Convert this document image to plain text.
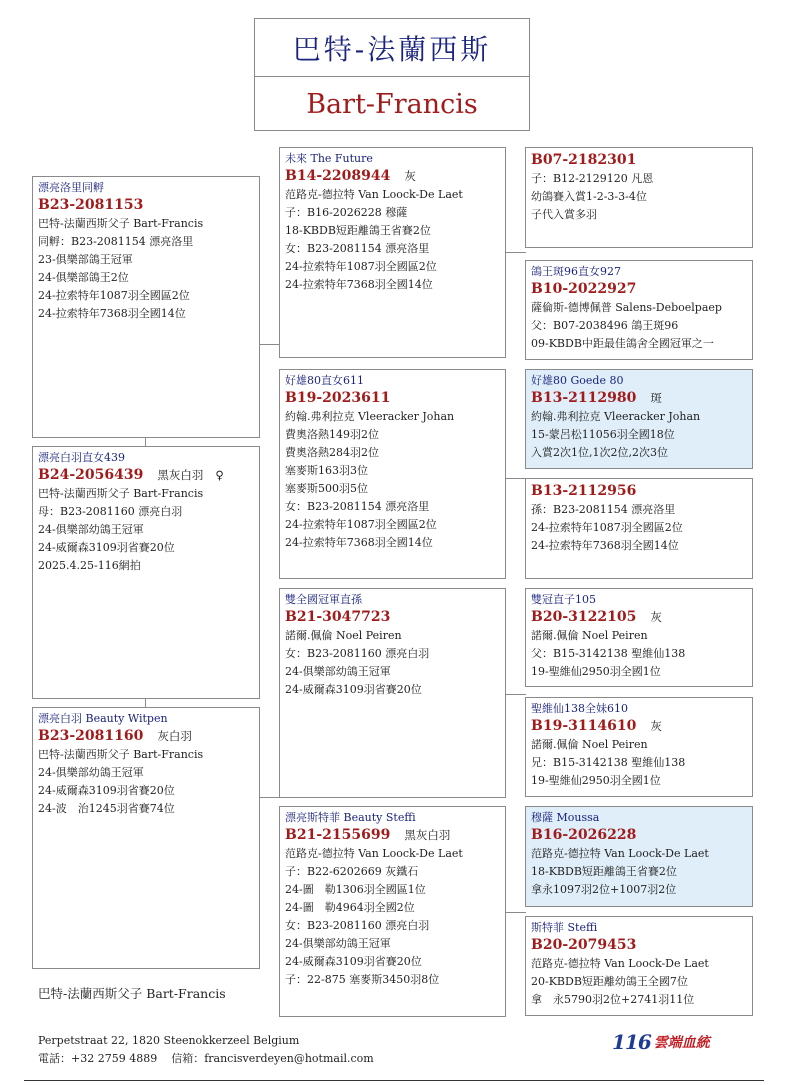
巴特-法蘭西斯
Bart-Francis
漂亮洛里同孵
B23-2081153
巴特-法蘭西斯父子 Bart-Francis
同孵：B23-2081154 漂亮洛里
23-俱樂部鴿王冠軍
24-俱樂部鴿王2位
24-拉索特年1087羽全國區2位
24-拉索特年7368羽全國14位
漂亮白羽直女439
B24-2056439 黑灰白羽 ♀
巴特-法蘭西斯父子 Bart-Francis
母：B23-2081160 漂亮白羽
24-俱樂部幼鴿王冠軍
24-威爾森3109羽省賽20位
2025.4.25-116網拍
漂亮白羽 Beauty Witpen
B23-2081160 灰白羽
巴特-法蘭西斯父子 Bart-Francis
24-俱樂部幼鴿王冠軍
24-威爾森3109羽省賽20位
24-波　治1245羽省賽74位
未來 The Future
B14-2208944 灰
范路克-德拉特 Van Loock-De Laet
子：B16-2026228 穆薩
18-KBDB短距離鴿王省賽2位
女：B23-2081154 漂亮洛里
24-拉索特年1087羽全國區2位
24-拉索特年7368羽全國14位
好雄80直女611
B19-2023611
約翰.弗利拉克 Vleeracker Johan
費奧洛熱149羽2位
費奧洛熱284羽2位
塞麥斯163羽3位
塞麥斯500羽5位
女：B23-2081154 漂亮洛里
24-拉索特年1087羽全國區2位
24-拉索特年7368羽全國14位
雙全國冠軍直孫
B21-3047723
諾爾.佩倫 Noel Peiren
女：B23-2081160 漂亮白羽
24-俱樂部幼鴿王冠軍
24-威爾森3109羽省賽20位
漂亮斯特菲 Beauty Steffi
B21-2155699 黑灰白羽
范路克-德拉特 Van Loock-De Laet
子：B22-6202669 灰鐵石
24-圖　勒1306羽全國區1位
24-圖　勒4964羽全國2位
女：B23-2081160 漂亮白羽
24-俱樂部幼鴿王冠軍
24-威爾森3109羽省賽20位
子：22-875 塞麥斯3450羽8位
B07-2182301
子：B12-2129120 凡恩
幼鴿賽入賞1-2-3-3-4位
子代入賞多羽
鴿王斑96直女927
B10-2022927
薩倫斯-德博佩普 Salens-Deboelpaep
父：B07-2038496 鴿王斑96
09-KBDB中距最佳鴿舍全國冠軍之一
好雄80 Goede 80
B13-2112980 斑
約翰.弗利拉克 Vleeracker Johan
15-蒙呂松11056羽全國18位
入賞2次1位,1次2位,2次3位
B13-2112956
孫：B23-2081154 漂亮洛里
24-拉索特年1087羽全國區2位
24-拉索特年7368羽全國14位
雙冠直子105
B20-3122105 灰
諾爾.佩倫 Noel Peiren
父：B15-3142138 聖維仙138
19-聖維仙2950羽全國1位
聖維仙138全妹610
B19-3114610 灰
諾爾.佩倫 Noel Peiren
兄：B15-3142138 聖維仙138
19-聖維仙2950羽全國1位
穆薩 Moussa
B16-2026228
范路克-德拉特 Van Loock-De Laet
18-KBDB短距離鴿王省賽2位
拿永1097羽2位+1007羽2位
斯特菲 Steffi
B20-2079453
范路克-德拉特 Van Loock-De Laet
20-KBDB短距離幼鴿王全國7位
拿　永5790羽2位+2741羽11位
巴特-法蘭西斯父子 Bart-Francis
Perpetstraat 22, 1820 Steenokkerzeel Belgium
電話：+32 2759 4889 信箱：francisverdeyen@hotmail.com
116 雲端血統
